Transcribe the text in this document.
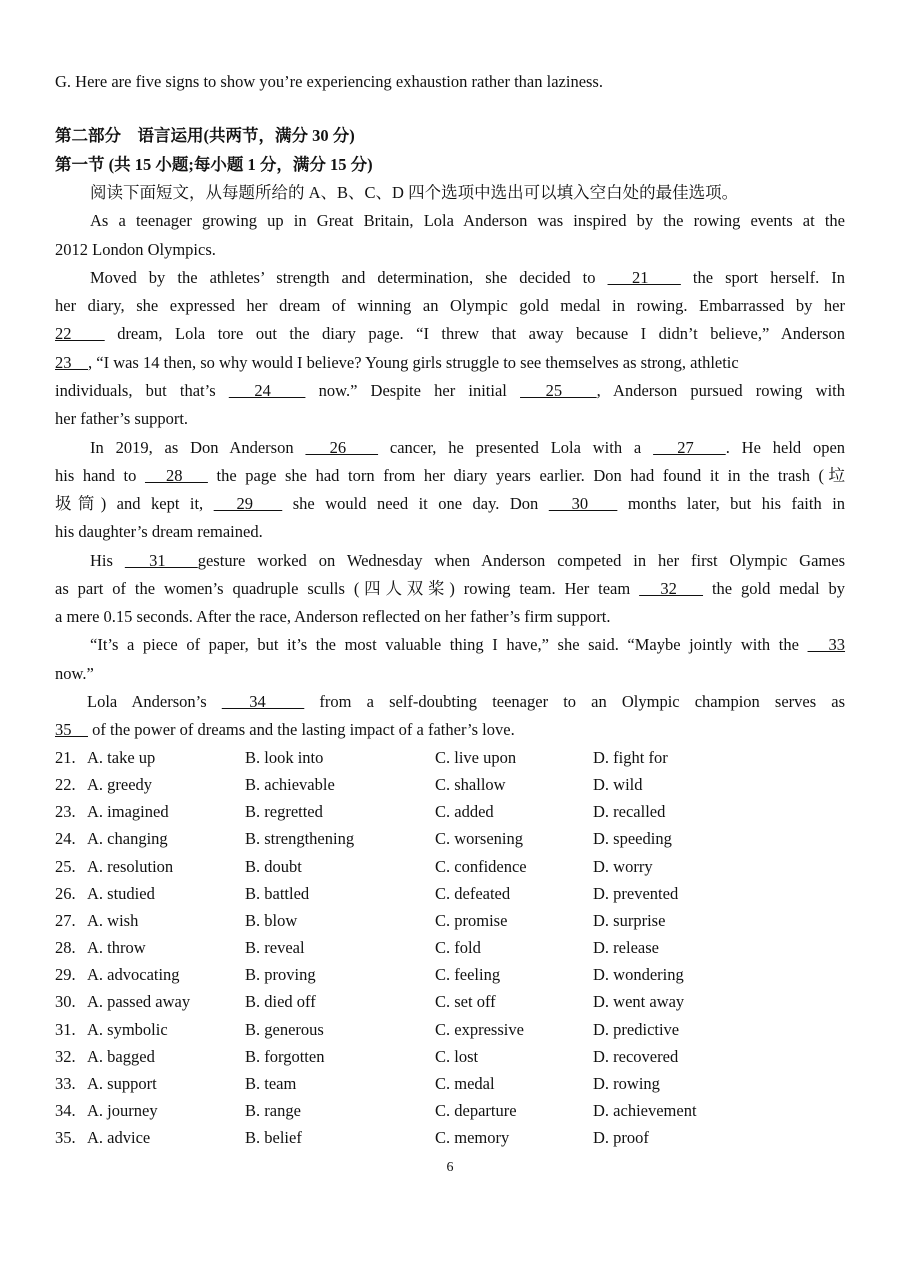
G. Here are five signs to show you’re experiencing exhaustion rather than laziness.
第二部分　语言运用(共两节，满分 30 分)
第一节 (共 15 小题;每小题 1 分，满分 15 分)
阅读下面短文，从每题所给的 A、B、C、D 四个选项中选出可以填入空白处的最佳选项。
As a teenager growing up in Great Britain, Lola Anderson was inspired by the rowing events at the
2012 London Olympics.
Moved by the athletes’ strength and determination, she decided to 　21　 the sport herself. In
her diary, she expressed her dream of winning an Olympic gold medal in rowing. Embarrassed by her
22　 dream, Lola tore out the diary page. “I threw that away because I didn’t believe,” Anderson
23　, “I was 14 then, so why would I believe? Young girls struggle to see themselves as strong, athletic
individuals, but that’s 　24　 now.” Despite her initial 　25　, Anderson pursued rowing with
her father’s support.
In 2019, as Don Anderson 　26　 cancer, he presented Lola with a 　27　. He held open
his hand to 　28　 the page she had torn from her diary years earlier. Don had found it in the trash (垃
圾筒) and kept it, 　29　 she would need it one day. Don 　30　 months later, but his faith in
his daughter’s dream remained.
His 　31　gesture worked on Wednesday when Anderson competed in her first Olympic Games
as part of the women’s quadruple sculls (四人双桨) rowing team. Her team 　32　 the gold medal by
a mere 0.15 seconds. After the race, Anderson reflected on her father’s firm support.
“It’s a piece of paper, but it’s the most valuable thing I have,” she said. “Maybe jointly with the 　33
now.”
Lola Anderson’s 　34　 from a self-doubting teenager to an Olympic champion serves as
35　 of the power of dreams and the lasting impact of a father’s love.
21. A. take up	B. look into	C. live upon	D. fight for
22. A. greedy	B. achievable	C. shallow	D. wild
23. A. imagined	B. regretted	C. added	D. recalled
24. A. changing	B. strengthening	C. worsening	D. speeding
25. A. resolution	B. doubt	C. confidence	D. worry
26. A. studied	B. battled	C. defeated	D. prevented
27. A. wish	B. blow	C. promise	D. surprise
28. A. throw	B. reveal	C. fold	D. release
29. A. advocating	B. proving	C. feeling	D. wondering
30. A. passed away	B. died off	C. set off	D. went away
31. A. symbolic	B. generous	C. expressive	D. predictive
32. A. bagged	B. forgotten	C. lost	D. recovered
33. A. support	B. team	C. medal	D. rowing
34. A. journey	B. range	C. departure	D. achievement
35. A. advice	B. belief	C. memory	D. proof
6
